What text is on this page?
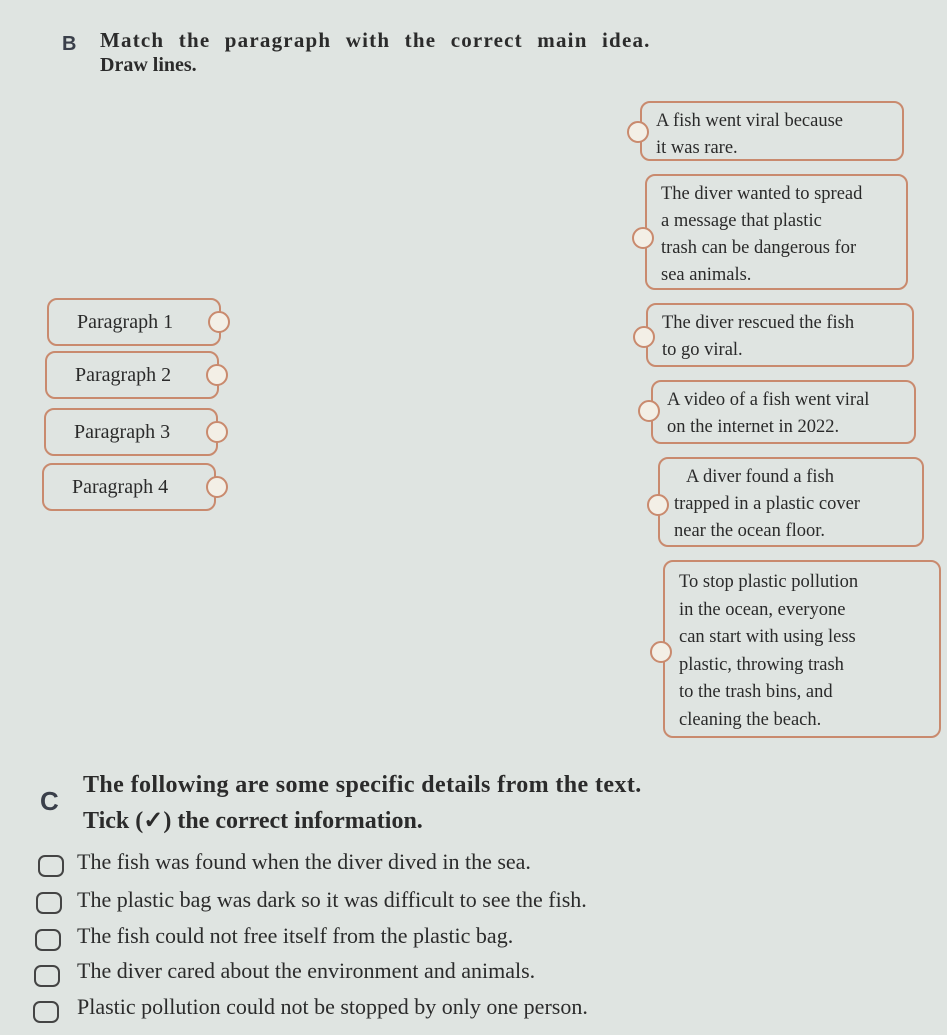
B Match the paragraph with the correct main idea.
Draw lines.
Paragraph 1
Paragraph 2
Paragraph 3
Paragraph 4
A fish went viral because
it was rare.
The diver wanted to spread
a message that plastic
trash can be dangerous for
sea animals.
The diver rescued the fish
to go viral.
A video of a fish went viral
on the internet in 2022.
A diver found a fish
trapped in a plastic cover
near the ocean floor.
To stop plastic pollution
in the ocean, everyone
can start with using less
plastic, throwing trash
to the trash bins, and
cleaning the beach.
C
The following are some specific details from the text.
Tick (✓) the correct information.
The fish was found when the diver dived in the sea.
The plastic bag was dark so it was difficult to see the fish.
The fish could not free itself from the plastic bag.
The diver cared about the environment and animals.
Plastic pollution could not be stopped by only one person.
